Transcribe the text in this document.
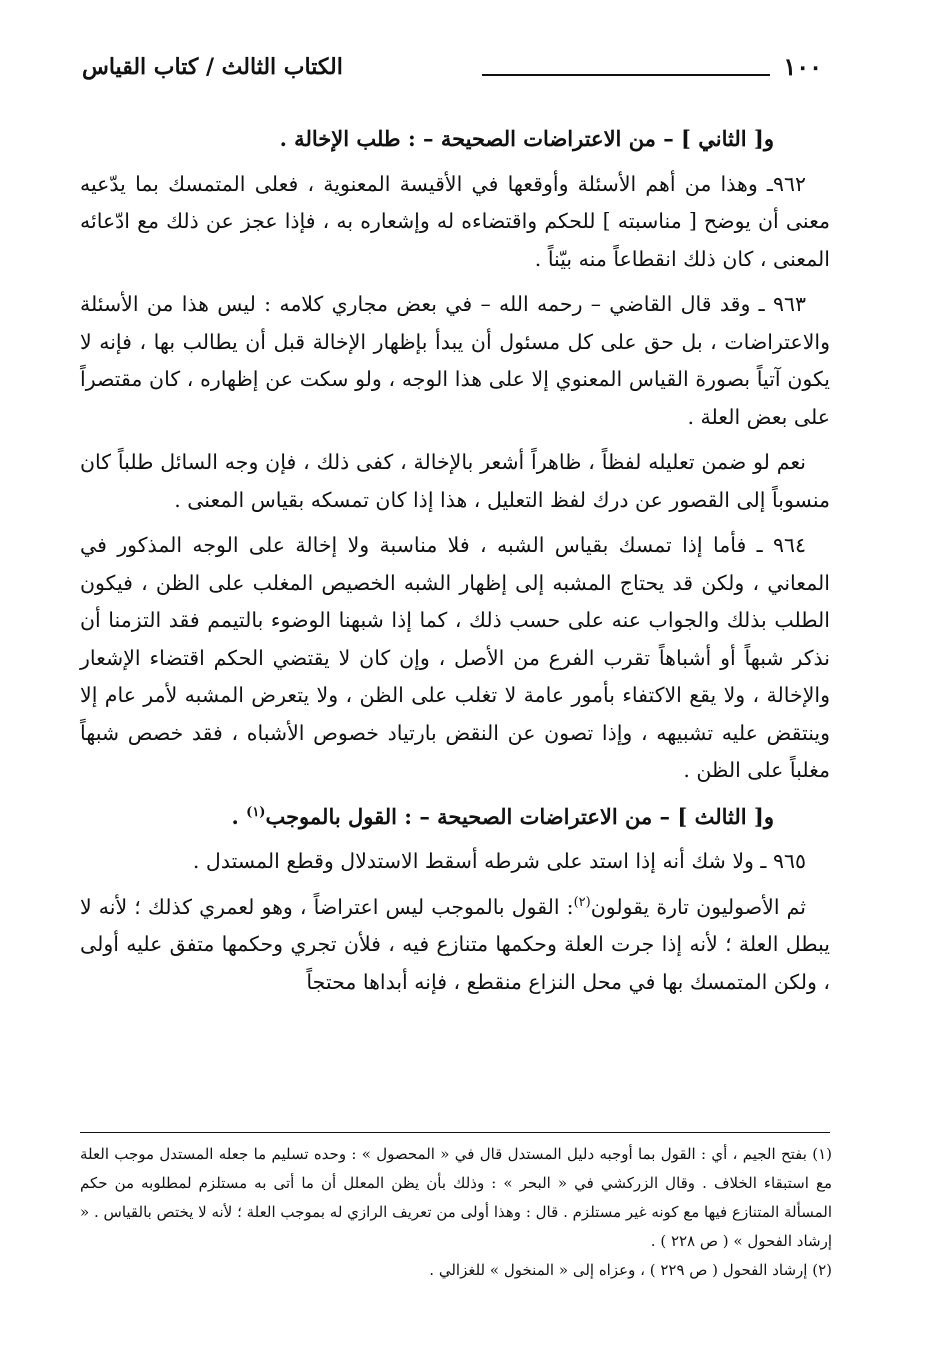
١٠٠
الكتاب الثالث / كتاب القياس

و[ الثاني ] – من الاعتراضات الصحيحة – : طلب الإخالة .

٩٦٢ـ وهذا من أهم الأسئلة وأوقعها في الأقيسة المعنوية ، فعلى المتمسك بما يدّعيه معنى أن يوضح [ مناسبته ] للحكم واقتضاءه له وإشعاره به ، فإذا عجز عن ذلك مع ادّعائه المعنى ، كان ذلك انقطاعاً منه بيّناً .

٩٦٣ ـ وقد قال القاضي – رحمه الله – في بعض مجاري كلامه : ليس هذا من الأسئلة والاعتراضات ، بل حق على كل مسئول أن يبدأ بإظهار الإخالة قبل أن يطالب بها ، فإنه لا يكون آتياً بصورة القياس المعنوي إلا على هذا الوجه ، ولو سكت عن إظهاره ، كان مقتصراً على بعض العلة .

نعم لو ضمن تعليله لفظاً ، ظاهراً أشعر بالإخالة ، كفى ذلك ، فإن وجه السائل طلباً كان منسوباً إلى القصور عن درك لفظ التعليل ، هذا إذا كان تمسكه بقياس المعنى .

٩٦٤ ـ فأما إذا تمسك بقياس الشبه ، فلا مناسبة ولا إخالة على الوجه المذكور في المعاني ، ولكن قد يحتاج المشبه إلى إظهار الشبه الخصيص المغلب على الظن ، فيكون الطلب بذلك والجواب عنه على حسب ذلك ، كما إذا شبهنا الوضوء بالتيمم فقد التزمنا أن نذكر شبهاً أو أشباهاً تقرب الفرع من الأصل ، وإن كان لا يقتضي الحكم اقتضاء الإشعار والإخالة ، ولا يقع الاكتفاء بأمور عامة لا تغلب على الظن ، ولا يتعرض المشبه لأمر عام إلا وينتقض عليه تشبيهه ، وإذا تصون عن النقض بارتياد خصوص الأشباه ، فقد خصص شبهاً مغلباً على الظن .

و[ الثالث ] – من الاعتراضات الصحيحة – : القول بالموجب$^{(١)}$ .

٩٦٥ ـ ولا شك أنه إذا استد على شرطه أسقط الاستدلال وقطع المستدل .

ثم الأصوليون تارة يقولون$^{(٢)}$: القول بالموجب ليس اعتراضاً ، وهو لعمري كذلك ؛ لأنه لا يبطل العلة ؛ لأنه إذا جرت العلة وحكمها متنازع فيه ، فلأن تجري وحكمها متفق عليه أولى ، ولكن المتمسك بها في محل النزاع منقطع ، فإنه أبداها محتجاً

(١) بفتح الجيم ، أي : القول بما أوجبه دليل المستدل قال في « المحصول » : وحده تسليم ما جعله المستدل موجب العلة مع استبقاء الخلاف . وقال الزركشي في « البحر » : وذلك بأن يظن المعلل أن ما أتى به مستلزم لمطلوبه من حكم المسألة المتنازع فيها مع كونه غير مستلزم . قال : وهذا أولى من تعريف الرازي له بموجب العلة ؛ لأنه لا يختص بالقياس . « إرشاد الفحول » ( ص ٢٢٨ ) .

(٢) إرشاد الفحول ( ص ٢٢٩ ) ، وعزاه إلى « المنخول » للغزالي .
